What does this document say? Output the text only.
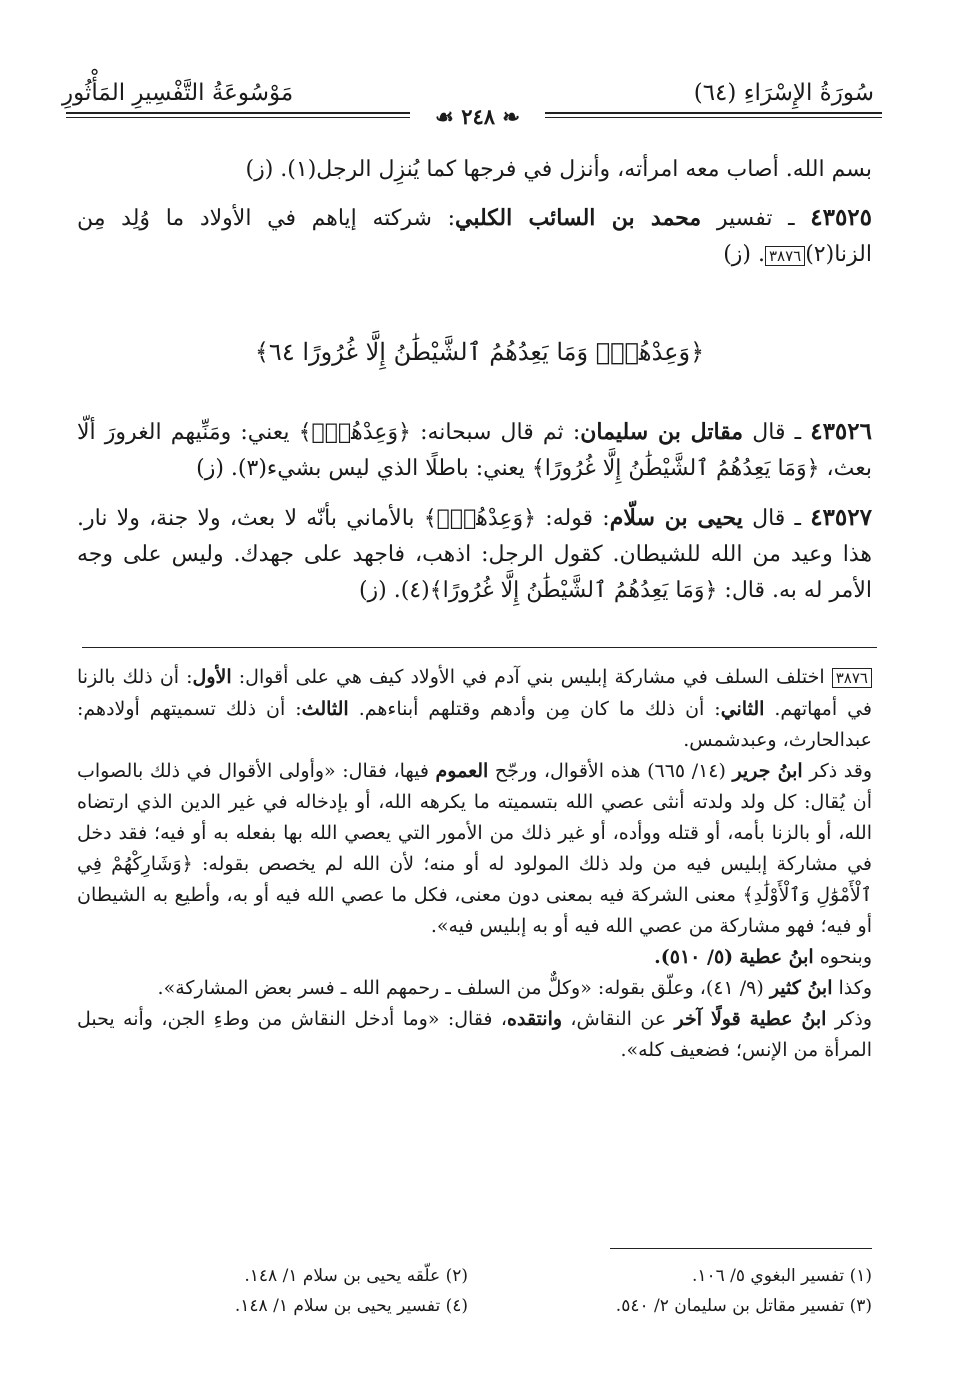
سُورَةُ الإِسْرَاءِ (٦٤)
مَوْسُوعَةُ التَّفْسِيرِ المَأْثُورِ
❧ ٢٤٨ ☙
بسم الله. أصاب معه امرأته، وأنزل في فرجها كما يُنزِل الرجل(١). (ز)
٤٣٥٢٥ ـ تفسير محمد بن السائب الكلبي: شركته إياهم في الأولاد ما وُلِد مِن الزنا(٢)٣٨٧٦. (ز)
﴿وَعِدْهُمْۚ وَمَا يَعِدُهُمُ ٱلشَّيْطَٰنُ إِلَّا غُرُورًا ٦٤﴾
٤٣٥٢٦ ـ قال مقاتل بن سليمان: ثم قال سبحانه: ﴿وَعِدْهُمْۚ﴾ يعني: ومَنِّيهم الغرورَ ألّا بعث، ﴿وَمَا يَعِدُهُمُ ٱلشَّيْطَٰنُ إِلَّا غُرُورًا﴾ يعني: باطلًا الذي ليس بشيء(٣). (ز)
٤٣٥٢٧ ـ قال يحيى بن سلّام: قوله: ﴿وَعِدْهُمْۚ﴾ بالأماني بأنّه لا بعث، ولا جنة، ولا نار. هذا وعيد من الله للشيطان. كقول الرجل: اذهب، فاجهد على جهدك. وليس على وجه الأمر له به. قال: ﴿وَمَا يَعِدُهُمُ ٱلشَّيْطَٰنُ إِلَّا غُرُورًا﴾(٤). (ز)
٣٨٧٦ اختلف السلف في مشاركة إبليس بني آدم في الأولاد كيف هي على أقوال: الأول: أن ذلك بالزنا في أمهاتهم. الثاني: أن ذلك ما كان مِن وأدهم وقتلهم أبناءهم. الثالث: أن ذلك تسميتهم أولادهم: عبدالحارث، وعبدشمس.
وقد ذكر ابنُ جرير (١٤/ ٦٦٥) هذه الأقوال، ورجّح العموم فيها، فقال: «وأولى الأقوال في ذلك بالصواب أن يُقال: كل ولد ولدته أنثى عصي الله بتسميته ما يكرهه الله، أو بإدخاله في غير الدين الذي ارتضاه الله، أو بالزنا بأمه، أو قتله ووأده، أو غير ذلك من الأمور التي يعصي الله بها بفعله به أو فيه؛ فقد دخل في مشاركة إبليس فيه من ولد ذلك المولود له أو منه؛ لأن الله لم يخصص بقوله: ﴿وَشَارِكْهُمْ فِي ٱلْأَمْوَٰلِ وَٱلْأَوْلَٰدِ﴾ معنى الشركة فيه بمعنى دون معنى، فكل ما عصي الله فيه أو به، وأطيع به الشيطان أو فيه؛ فهو مشاركة من عصي الله فيه أو به إبليس فيه».
وبنحوه ابنُ عطية (٥/ ٥١٠).
وكذا ابنُ كثير (٩/ ٤١)، وعلّق بقوله: «وكلٌّ من السلف ـ رحمهم الله ـ فسر بعض المشاركة».
وذكر ابنُ عطية قولًا آخر عن النقاش، وانتقده، فقال: «وما أدخل النقاش من وطءِ الجن، وأنه يحبل المرأة من الإنس؛ فضعيف كله».
(١) تفسير البغوي ٥/ ١٠٦.
(٢) علّقه يحيى بن سلام ١/ ١٤٨.
(٣) تفسير مقاتل بن سليمان ٢/ ٥٤٠.
(٤) تفسير يحيى بن سلام ١/ ١٤٨.
